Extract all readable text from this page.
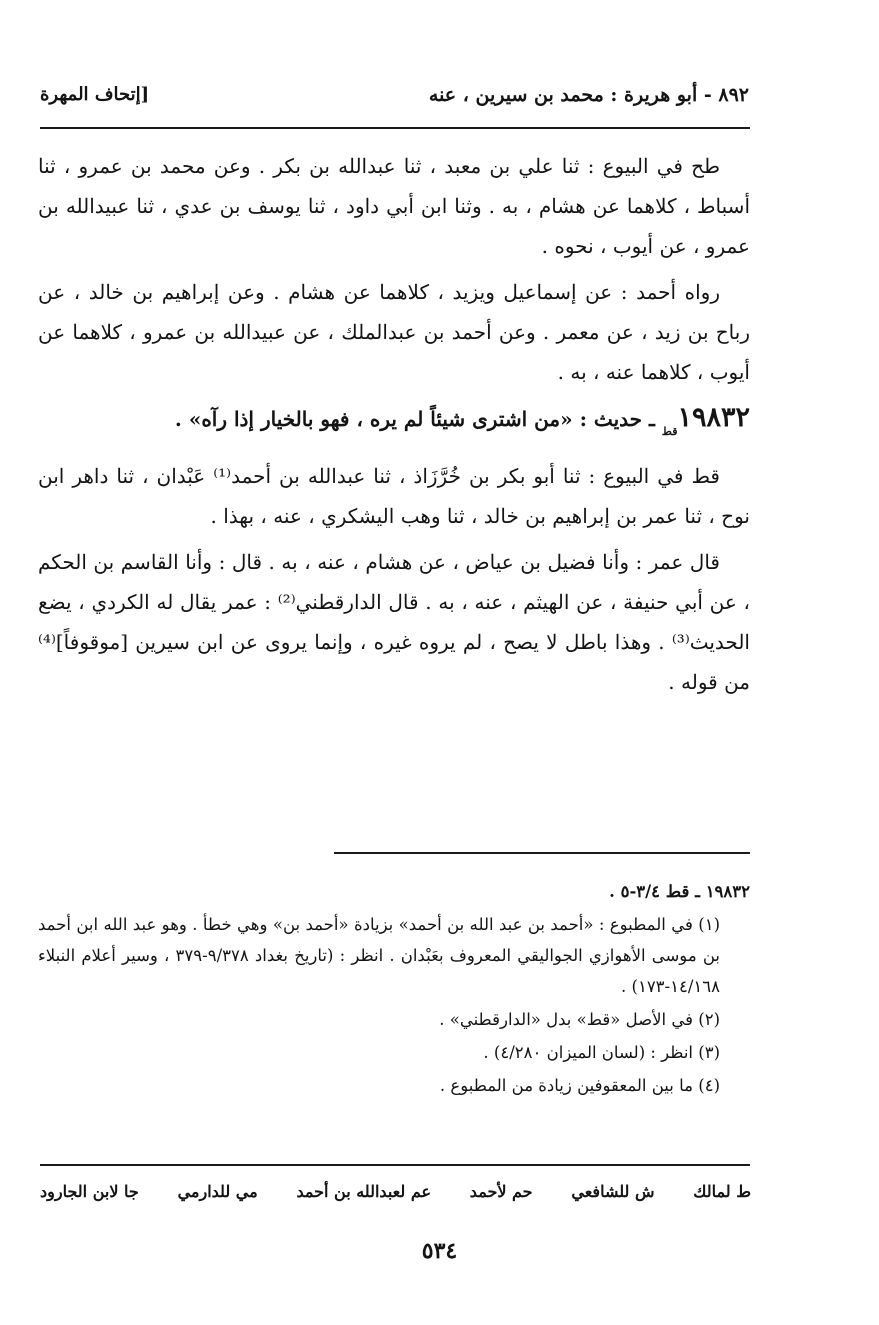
٨٩٢ - أبو هريرة : محمد بن سيرين ، عنه
[إتحاف المهرة

طح في البيوع : ثنا علي بن معبد ، ثنا عبدالله بن بكر . وعن محمد بن عمرو ، ثنا أسباط ، كلاهما عن هشام ، به . وثنا ابن أبي داود ، ثنا يوسف بن عدي ، ثنا عبيدالله بن عمرو ، عن أيوب ، نحوه .

رواه أحمد : عن إسماعيل ويزيد ، كلاهما عن هشام . وعن إبراهيم بن خالد ، عن رباح بن زيد ، عن معمر . وعن أحمد بن عبدالملك ، عن عبيدالله بن عمرو ، كلاهما عن أيوب ، كلاهما عنه ، به .

$١٩٨٣٢_{قط}$ ـ حديث : «من اشترى شيئاً لم يره ، فهو بالخيار إذا رآه» .

قط في البيوع : ثنا أبو بكر بن خُرَّزَاذ ، ثنا عبدالله بن أحمد⁽¹⁾ عَبْدان ، ثنا داهر ابن نوح ، ثنا عمر بن إبراهيم بن خالد ، ثنا وهب اليشكري ، عنه ، بهذا .

قال عمر : وأنا فضيل بن عياض ، عن هشام ، عنه ، به . قال : وأنا القاسم بن الحكم ، عن أبي حنيفة ، عن الهيثم ، عنه ، به . قال الدارقطني⁽²⁾ : عمر يقال له الكردي ، يضع الحديث⁽³⁾ . وهذا باطل لا يصح ، لم يروه غيره ، وإنما يروى عن ابن سيرين [موقوفاً]⁽⁴⁾ من قوله .

١٩٨٣٢ ـ قط ٣/٤-٥ .
(١) في المطبوع : «أحمد بن عبد الله بن أحمد» بزيادة «أحمد بن» وهي خطأ . وهو عبد الله ابن أحمد بن موسى الأهوازي الجواليقي المعروف بعَبْدان . انظر : (تاريخ بغداد ٩/٣٧٨-٣٧٩ ، وسير أعلام النبلاء ١٤/١٦٨-١٧٣) .
(٢) في الأصل «قط» بدل «الدارقطني» .
(٣) انظر : (لسان الميزان ٤/٢٨٠) .
(٤) ما بين المعقوفين زيادة من المطبوع .
ط لمالك
ش للشافعي
حم لأحمد
عم لعبدالله بن أحمد
مي للدارمي
جا لابن الجارود
٥٣٤
